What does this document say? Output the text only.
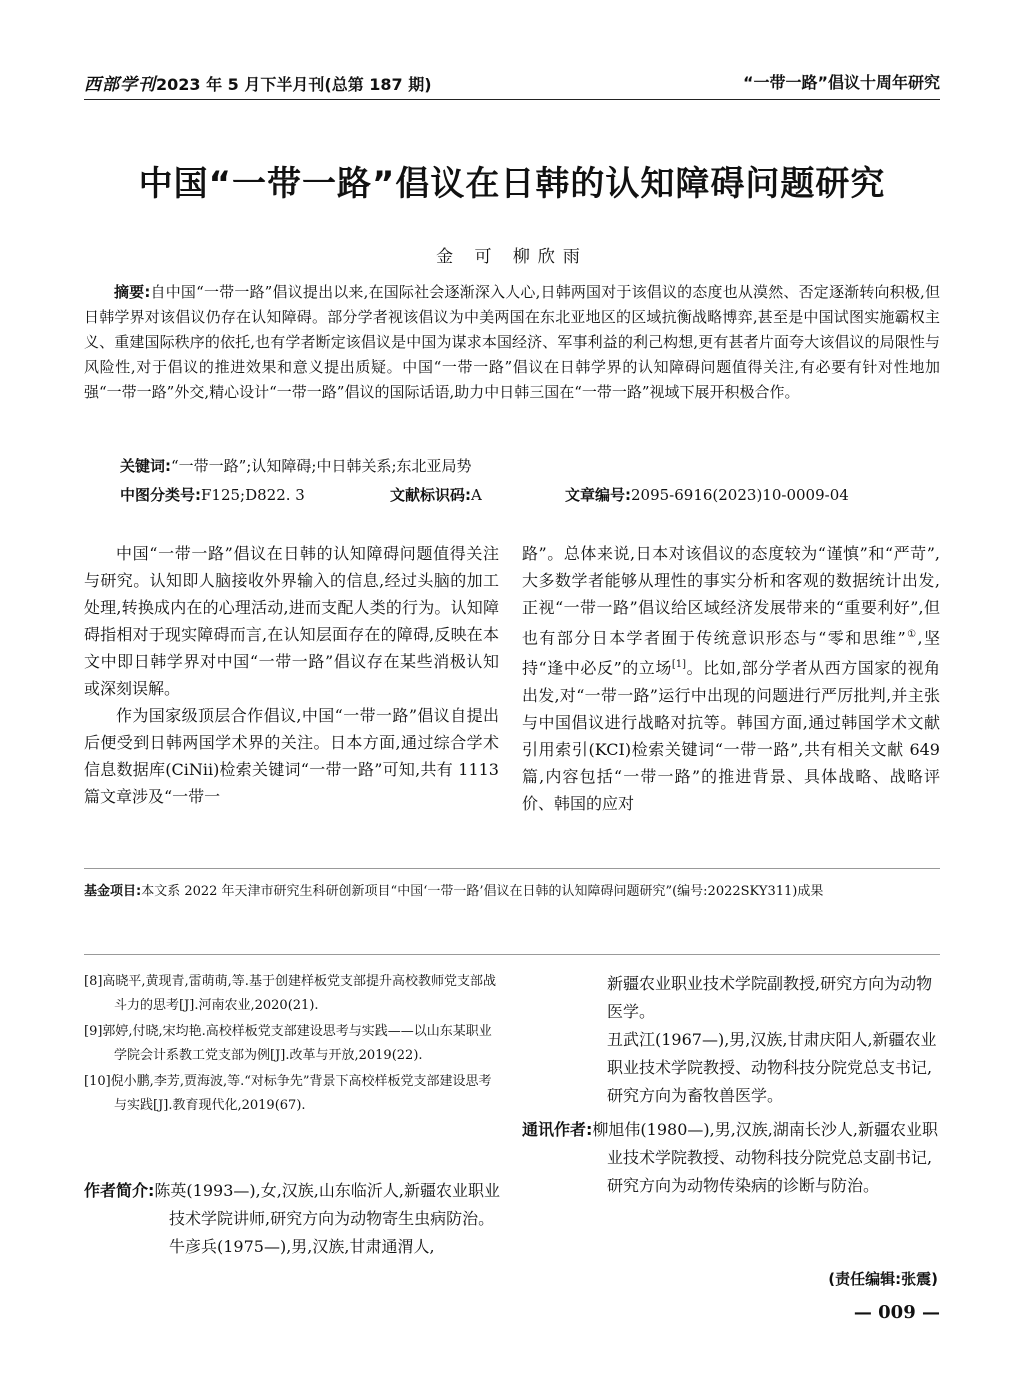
西部学刊2023 年 5 月下半月刊(总第 187 期)	“一带一路”倡议十周年研究
中国“一带一路”倡议在日韩的认知障碍问题研究
金 可 柳欣雨
摘要:自中国“一带一路”倡议提出以来,在国际社会逐渐深入人心,日韩两国对于该倡议的态度也从漠然、否定逐渐转向积极,但日韩学界对该倡议仍存在认知障碍。部分学者视该倡议为中美两国在东北亚地区的区域抗衡战略博弈,甚至是中国试图实施霸权主义、重建国际秩序的依托,也有学者断定该倡议是中国为谋求本国经济、军事利益的利己构想,更有甚者片面夸大该倡议的局限性与风险性,对于倡议的推进效果和意义提出质疑。中国“一带一路”倡议在日韩学界的认知障碍问题值得关注,有必要有针对性地加强“一带一路”外交,精心设计“一带一路”倡议的国际话语,助力中日韩三国在“一带一路”视域下展开积极合作。
关键词:“一带一路”;认知障碍;中日韩关系;东北亚局势
中图分类号:F125;D822. 3	文献标识码:A	文章编号:2095-6916(2023)10-0009-04

中国“一带一路”倡议在日韩的认知障碍问题值得关注与研究。认知即人脑接收外界输入的信息,经过头脑的加工处理,转换成内在的心理活动,进而支配人类的行为。认知障碍指相对于现实障碍而言,在认知层面存在的障碍,反映在本文中即日韩学界对中国“一带一路”倡议存在某些消极认知或深刻误解。

作为国家级顶层合作倡议,中国“一带一路”倡议自提出后便受到日韩两国学术界的关注。日本方面,通过综合学术信息数据库(CiNii)检索关键词“一带一路”可知,共有 1113 篇文章涉及“一带一

路”。总体来说,日本对该倡议的态度较为“谨慎”和“严苛”,大多数学者能够从理性的事实分析和客观的数据统计出发,正视“一带一路”倡议给区域经济发展带来的“重要利好”,但也有部分日本学者囿于传统意识形态与“零和思维”①,坚持“逢中必反”的立场[1]。比如,部分学者从西方国家的视角出发,对“一带一路”运行中出现的问题进行严厉批判,并主张与中国倡议进行战略对抗等。韩国方面,通过韩国学术文献引用索引(KCI)检索关键词“一带一路”,共有相关文献 649 篇,内容包括“一带一路”的推进背景、具体战略、战略评价、韩国的应对

基金项目:本文系 2022 年天津市研究生科研创新项目“中国‘一带一路’倡议在日韩的认知障碍问题研究”(编号:2022SKY311)成果
[8]高晓平,黄现青,雷萌萌,等.基于创建样板党支部提升高校教师党支部战斗力的思考[J].河南农业,2020(21).
[9]郭婷,付晓,宋均艳.高校样板党支部建设思考与实践——以山东某职业学院会计系教工党支部为例[J].改革与开放,2019(22).
[10]倪小鹏,李芳,贾海波,等.“对标争先”背景下高校样板党支部建设思考与实践[J].教育现代化,2019(67).
作者简介:陈英(1993—),女,汉族,山东临沂人,新疆农业职业技术学院讲师,研究方向为动物寄生虫病防治。
牛彦兵(1975—),男,汉族,甘肃通渭人,
新疆农业职业技术学院副教授,研究方向为动物医学。
丑武江(1967—),男,汉族,甘肃庆阳人,新疆农业职业技术学院教授、动物科技分院党总支书记,研究方向为畜牧兽医学。
通讯作者:柳旭伟(1980—),男,汉族,湖南长沙人,新疆农业职业技术学院教授、动物科技分院党总支副书记,研究方向为动物传染病的诊断与防治。
(责任编辑:张震)
— 009 —
